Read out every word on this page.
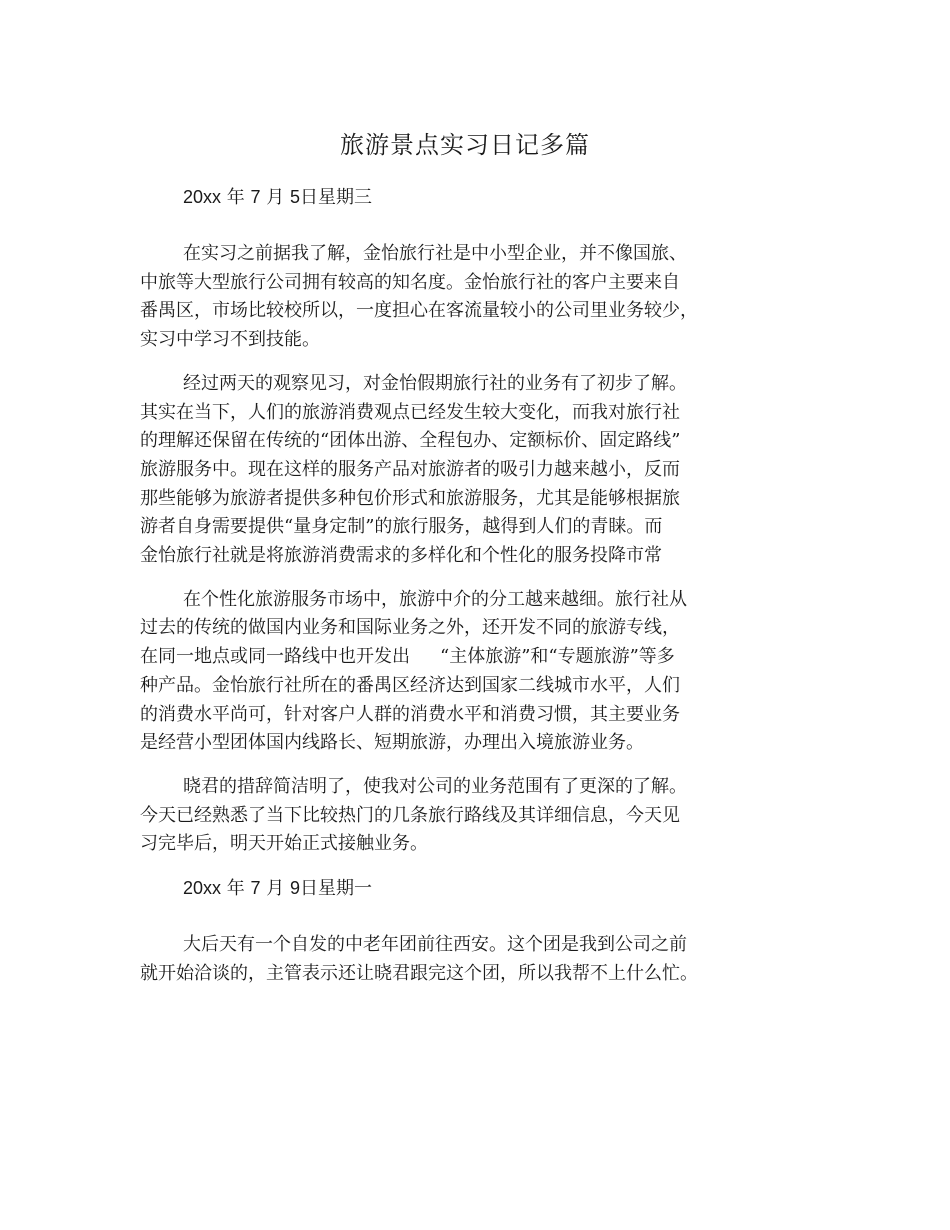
旅游景点实习日记多篇
20xx 年 7 月 5日星期三
在实习之前据我了解，金怡旅行社是中小型企业，并不像国旅、
中旅等大型旅行公司拥有较高的知名度。金怡旅行社的客户主要来自
番禺区，市场比较校所以，一度担心在客流量较小的公司里业务较少，
实习中学习不到技能。
经过两天的观察见习，对金怡假期旅行社的业务有了初步了解。
其实在当下，人们的旅游消费观点已经发生较大变化，而我对旅行社
的理解还保留在传统的“团体出游、全程包办、定额标价、固定路线”
旅游服务中。现在这样的服务产品对旅游者的吸引力越来越小，反而
那些能够为旅游者提供多种包价形式和旅游服务，尤其是能够根据旅
游者自身需要提供“量身定制”的旅行服务，越得到人们的青睐。而
金怡旅行社就是将旅游消费需求的多样化和个性化的服务投降市常
在个性化旅游服务市场中，旅游中介的分工越来越细。旅行社从
过去的传统的做国内业务和国际业务之外，还开发不同的旅游专线，
在同一地点或同一路线中也开发出 “主体旅游”和“专题旅游”等多
种产品。金怡旅行社所在的番禺区经济达到国家二线城市水平，人们
的消费水平尚可，针对客户人群的消费水平和消费习惯，其主要业务
是经营小型团体国内线路长、短期旅游，办理出入境旅游业务。
晓君的措辞简洁明了，使我对公司的业务范围有了更深的了解。
今天已经熟悉了当下比较热门的几条旅行路线及其详细信息，今天见
习完毕后，明天开始正式接触业务。
20xx 年 7 月 9日星期一
大后天有一个自发的中老年团前往西安。这个团是我到公司之前
就开始洽谈的，主管表示还让晓君跟完这个团，所以我帮不上什么忙。
